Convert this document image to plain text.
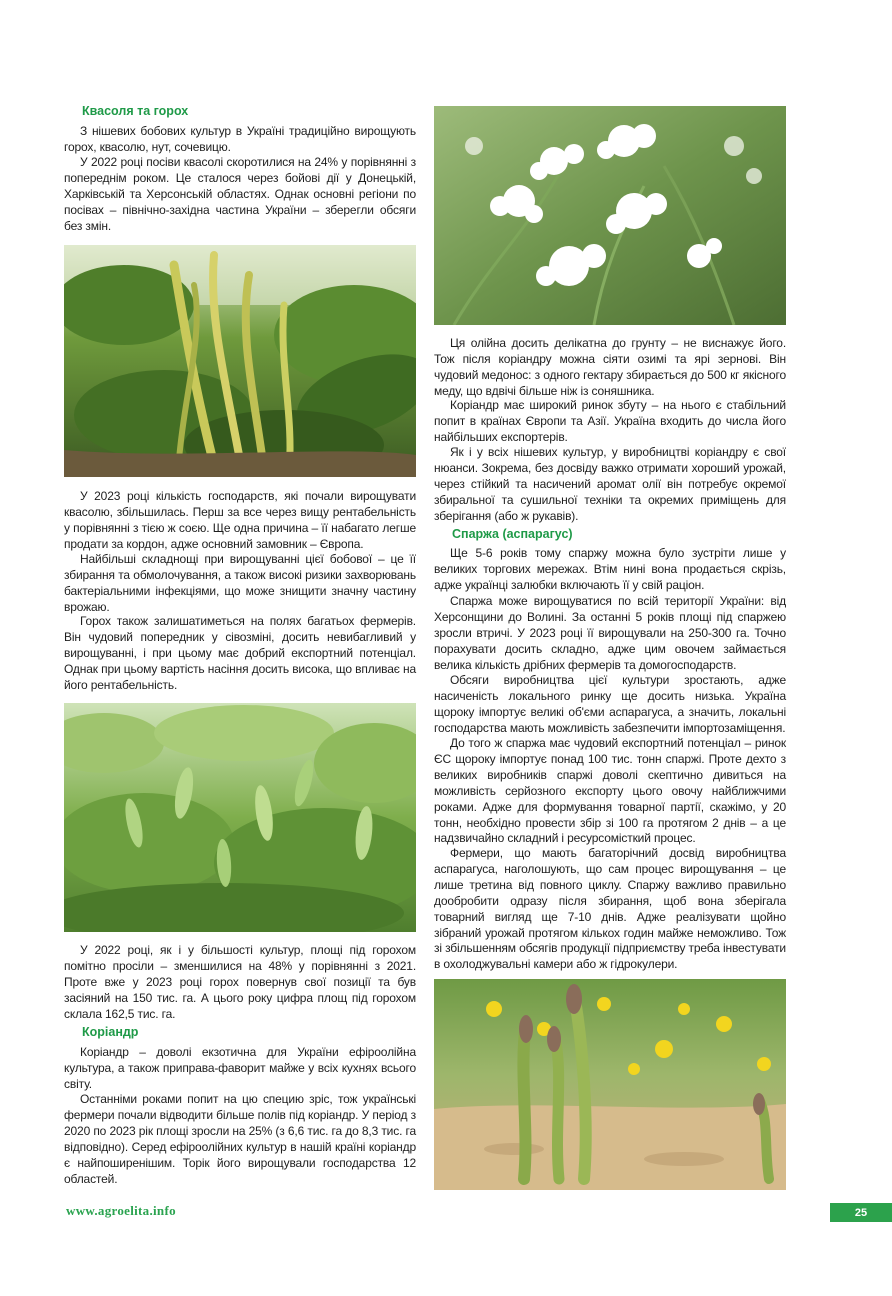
Квасоля та горох

З нішевих бобових культур в Україні традиційно вирощують горох, квасолю, нут, сочевицю.

У 2022 році посіви квасолі скоротилися на 24% у порівнянні з попереднім роком. Це сталося через бойові дії у Донецькій, Харківській та Херсонській областях. Однак основні регіони по посівах – північно-західна частина України – зберегли обсяги без змін.

У 2023 році кількість господарств, які почали вирощувати квасолю, збільшилась. Перш за все через вищу рентабельність у порівнянні з тією ж соєю. Ще одна причина – її набагато легше продати за кордон, адже основний замовник – Європа.

Найбільші складнощі при вирощуванні цієї бобової – це її збирання та обмолочування, а також високі ризики захворювань бактеріальними інфекціями, що може знищити значну частину врожаю.

Горох також залишатиметься на полях багатьох фермерів. Він чудовий попередник у сівозміні, досить невибагливий у вирощуванні, і при цьому має добрий експортний потенціал. Однак при цьому вартість насіння досить висока, що впливає на його рентабельність.

У 2022 році, як і у більшості культур, площі під горохом помітно просіли – зменшилися на 48% у порівнянні з 2021. Проте вже у 2023 році горох повернув свої позиції та був засіяний на 150 тис. га. А цього року цифра площ під горохом склала 162,5 тис. га.

Коріандр

Коріандр – доволі екзотична для України ефіроолійна культура, а також приправа-фаворит майже у всіх кухнях всього світу.

Останніми роками попит на цю специю зріс, тож українські фермери почали відводити більше полів під коріандр. У період з 2020 по 2023 рік площі зросли на 25% (з 6,6 тис. га до 8,3 тис. га відповідно). Серед ефіроолійних культур в нашій країні коріандр є найпоширенішим. Торік його вирощували господарства 12 областей.

Ця олійна досить делікатна до грунту – не виснажує його. Тож після коріандру можна сіяти озимі та ярі зернові. Він чудовий медонос: з одного гектару збирається до 500 кг якісного меду, що вдвічі більше ніж із соняшника.

Коріандр має широкий ринок збуту – на нього є стабільний попит в країнах Європи та Азії. Україна входить до числа його найбільших експортерів.

Як і у всіх нішевих культур, у виробництві коріандру є свої нюанси. Зокрема, без досвіду важко отримати хороший урожай, через стійкий та насичений аромат олії він потребує окремої збиральної та сушильної техніки та окремих приміщень для зберігання (або ж рукавів).

Спаржа (аспарагус)

Ще 5-6 років тому спаржу можна було зустріти лише у великих торгових мережах. Втім нині вона продається скрізь, адже українці залюбки включають її у свій раціон.

Спаржа може вирощуватися по всій території України: від Херсонщини до Волині. За останні 5 років площі під спаржею зросли втричі. У 2023 році її вирощували на 250-300 га. Точно порахувати досить складно, адже цим овочем займається велика кількість дрібних фермерів та домогосподарств.

Обсяги виробництва цієї культури зростають, адже насиченість локального ринку ще досить низька. Україна щороку імпортує великі об'єми аспарагуса, а значить, локальні господарства мають можливість забезпечити імпортозаміщення.

До того ж спаржа має чудовий експортний потенціал – ринок ЄС щороку імпортує понад 100 тис. тонн спаржі. Проте дехто з великих виробників спаржі доволі скептично дивиться на можливість серйозного експорту цього овочу найближчими роками. Адже для формування товарної партії, скажімо, у 20 тонн, необхідно провести збір зі 100 га протягом 2 днів – а це надзвичайно складний і ресурсомісткий процес.

Фермери, що мають багаторічний досвід виробництва аспарагуса, наголошують, що сам процес вирощування – це лише третина від повного циклу. Спаржу важливо правильно дообробити одразу після збирання, щоб вона зберігала товарний вигляд ще 7-10 днів. Адже реалізувати щойно зібраний урожай протягом кількох годин майже неможливо. Тож зі збільшенням обсягів продукції підприємству треба інвестувати в охолоджувальні камери або ж гідрокулери.

www.agroelita.info	25
